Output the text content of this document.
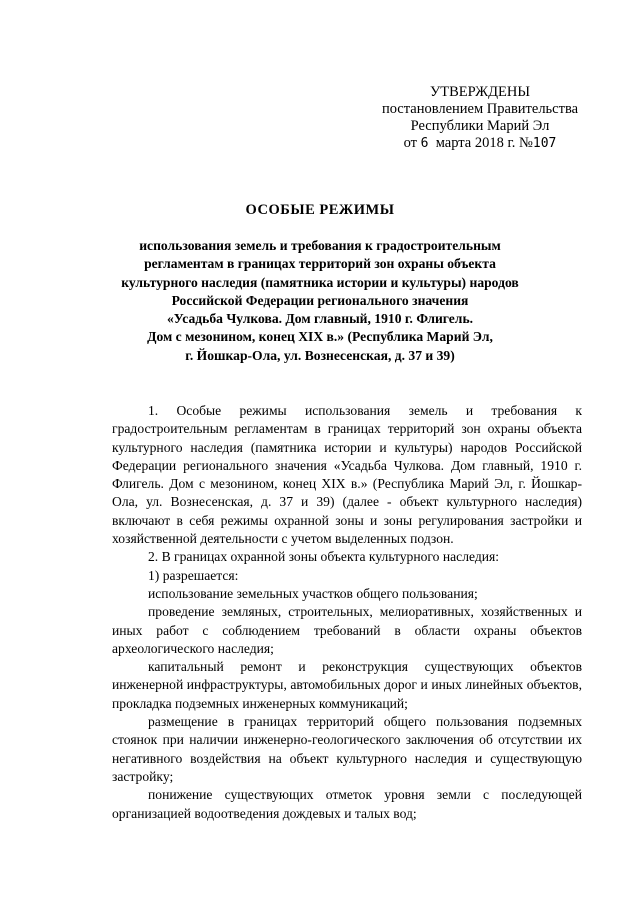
УТВЕРЖДЕНЫ
постановлением Правительства
Республики Марий Эл
от 6 марта 2018 г. №107
ОСОБЫЕ РЕЖИМЫ
использования земель и требования к градостроительным
регламентам в границах территорий зон охраны объекта
культурного наследия (памятника истории и культуры) народов
Российской Федерации регионального значения
«Усадьба Чулкова. Дом главный, 1910 г. Флигель.
Дом с мезонином, конец XIX в.» (Республика Марий Эл,
г. Йошкар-Ола, ул. Вознесенская, д. 37 и 39)

1. Особые режимы использования земель и требования к градостроительным регламентам в границах территорий зон охраны объекта культурного наследия (памятника истории и культуры) народов Российской Федерации регионального значения «Усадьба Чулкова. Дом главный, 1910 г. Флигель. Дом с мезонином, конец XIX в.» (Республика Марий Эл, г. Йошкар-Ола, ул. Вознесенская, д. 37 и 39) (далее - объект культурного наследия) включают в себя режимы охранной зоны и зоны регулирования застройки и хозяйственной деятельности с учетом выделенных подзон.

2. В границах охранной зоны объекта культурного наследия:

1) разрешается:

использование земельных участков общего пользования;

проведение земляных, строительных, мелиоративных, хозяйственных и иных работ с соблюдением требований в области охраны объектов археологического наследия;

капитальный ремонт и реконструкция существующих объектов инженерной инфраструктуры, автомобильных дорог и иных линейных объектов, прокладка подземных инженерных коммуникаций;

размещение в границах территорий общего пользования подземных стоянок при наличии инженерно-геологического заключения об отсутствии их негативного воздействия на объект культурного наследия и существующую застройку;

понижение существующих отметок уровня земли с последующей организацией водоотведения дождевых и талых вод;
